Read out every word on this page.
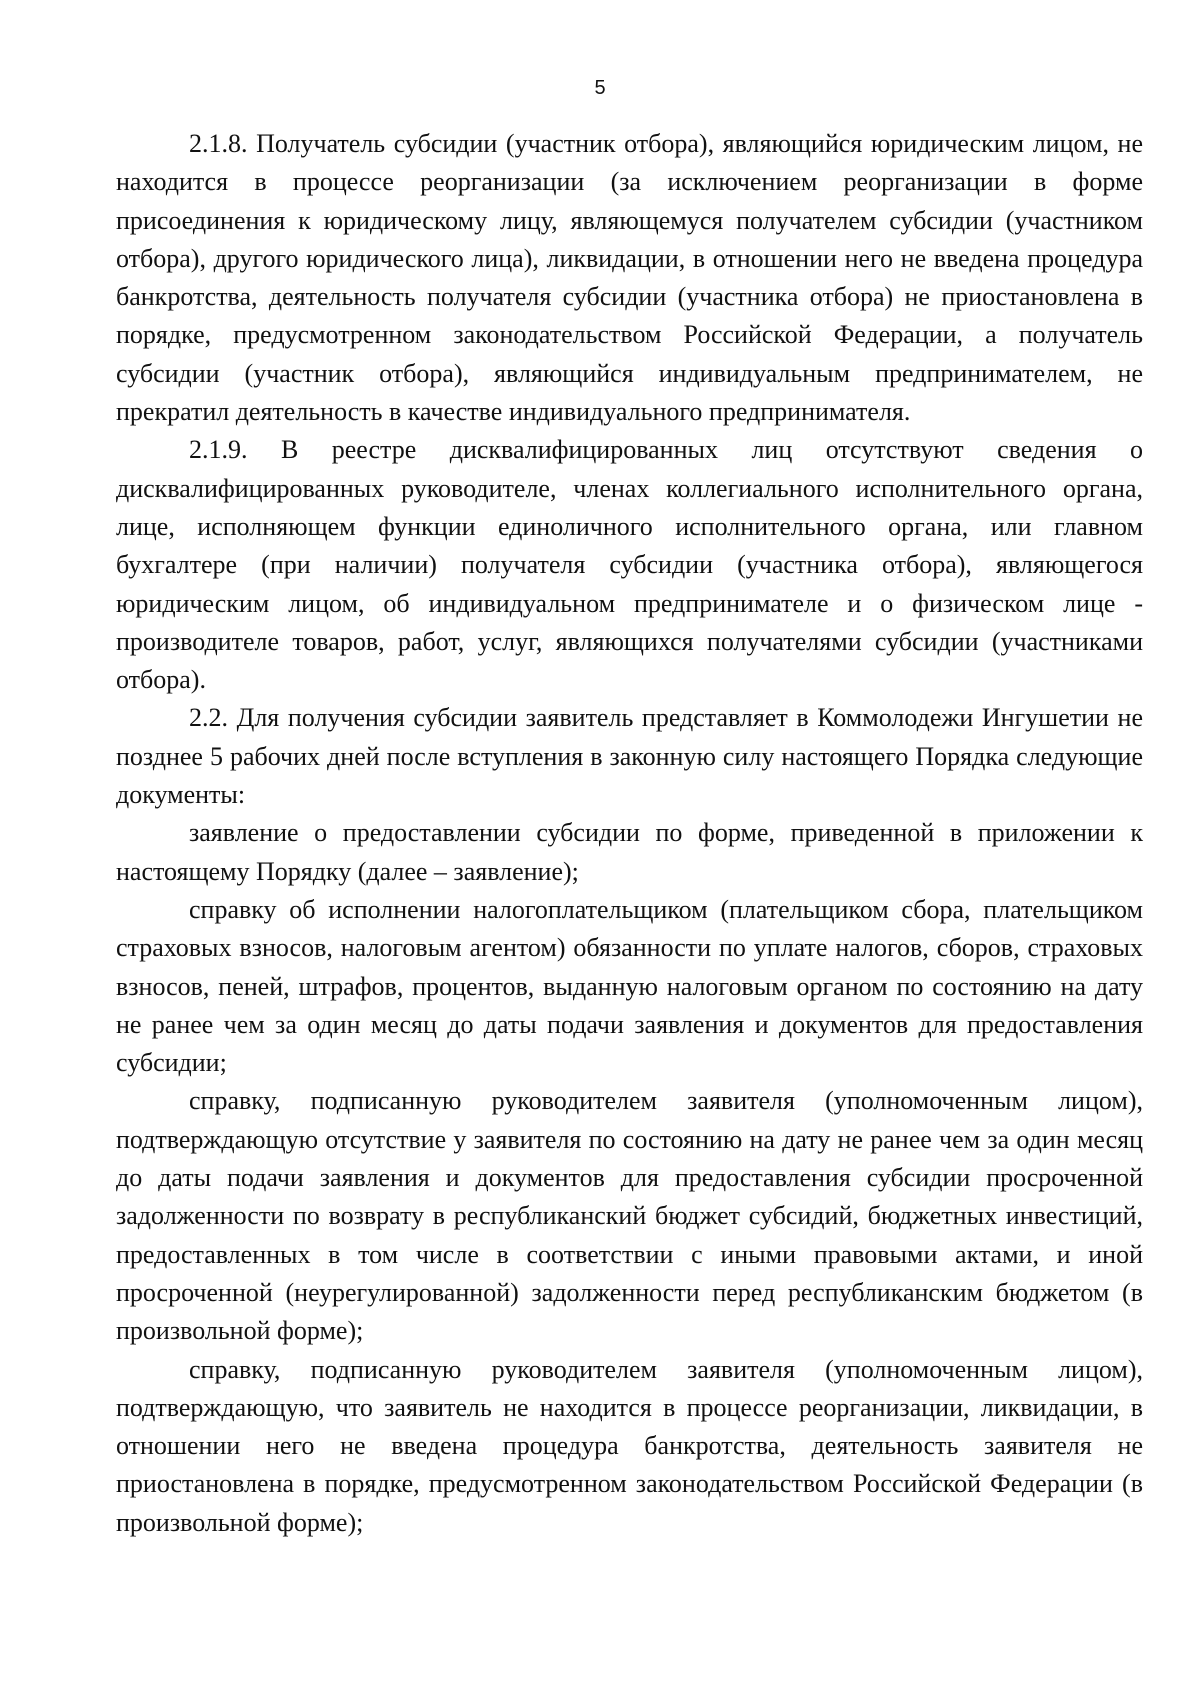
5

2.1.8. Получатель субсидии (участник отбора), являющийся юридическим лицом, не находится в процессе реорганизации (за исключением реорганизации в форме присоединения к юридическому лицу, являющемуся получателем субсидии (участником отбора), другого юридического лица), ликвидации, в отношении него не введена процедура банкротства, деятельность получателя субсидии (участника отбора) не приостановлена в порядке, предусмотренном законодательством Российской Федерации, а получатель субсидии (участник отбора), являющийся индивидуальным предпринимателем, не прекратил деятельность в качестве индивидуального предпринимателя.

2.1.9. В реестре дисквалифицированных лиц отсутствуют сведения о дисквалифицированных руководителе, членах коллегиального исполнительного органа, лице, исполняющем функции единоличного исполнительного органа, или главном бухгалтере (при наличии) получателя субсидии (участника отбора), являющегося юридическим лицом, об индивидуальном предпринимателе и о физическом лице - производителе товаров, работ, услуг, являющихся получателями субсидии (участниками отбора).

2.2. Для получения субсидии заявитель представляет в Коммолодежи Ингушетии не позднее 5 рабочих дней после вступления в законную силу настоящего Порядка следующие документы:

заявление о предоставлении субсидии по форме, приведенной в приложении к настоящему Порядку (далее – заявление);

справку об исполнении налогоплательщиком (плательщиком сбора, плательщиком страховых взносов, налоговым агентом) обязанности по уплате налогов, сборов, страховых взносов, пеней, штрафов, процентов, выданную налоговым органом по состоянию на дату не ранее чем за один месяц до даты подачи заявления и документов для предоставления субсидии;

справку, подписанную руководителем заявителя (уполномоченным лицом), подтверждающую отсутствие у заявителя по состоянию на дату не ранее чем за один месяц до даты подачи заявления и документов для предоставления субсидии просроченной задолженности по возврату в республиканский бюджет субсидий, бюджетных инвестиций, предоставленных в том числе в соответствии с иными правовыми актами, и иной просроченной (неурегулированной) задолженности перед республиканским бюджетом (в произвольной форме);

справку, подписанную руководителем заявителя (уполномоченным лицом), подтверждающую, что заявитель не находится в процессе реорганизации, ликвидации, в отношении него не введена процедура банкротства, деятельность заявителя не приостановлена в порядке, предусмотренном законодательством Российской Федерации (в произвольной форме);
